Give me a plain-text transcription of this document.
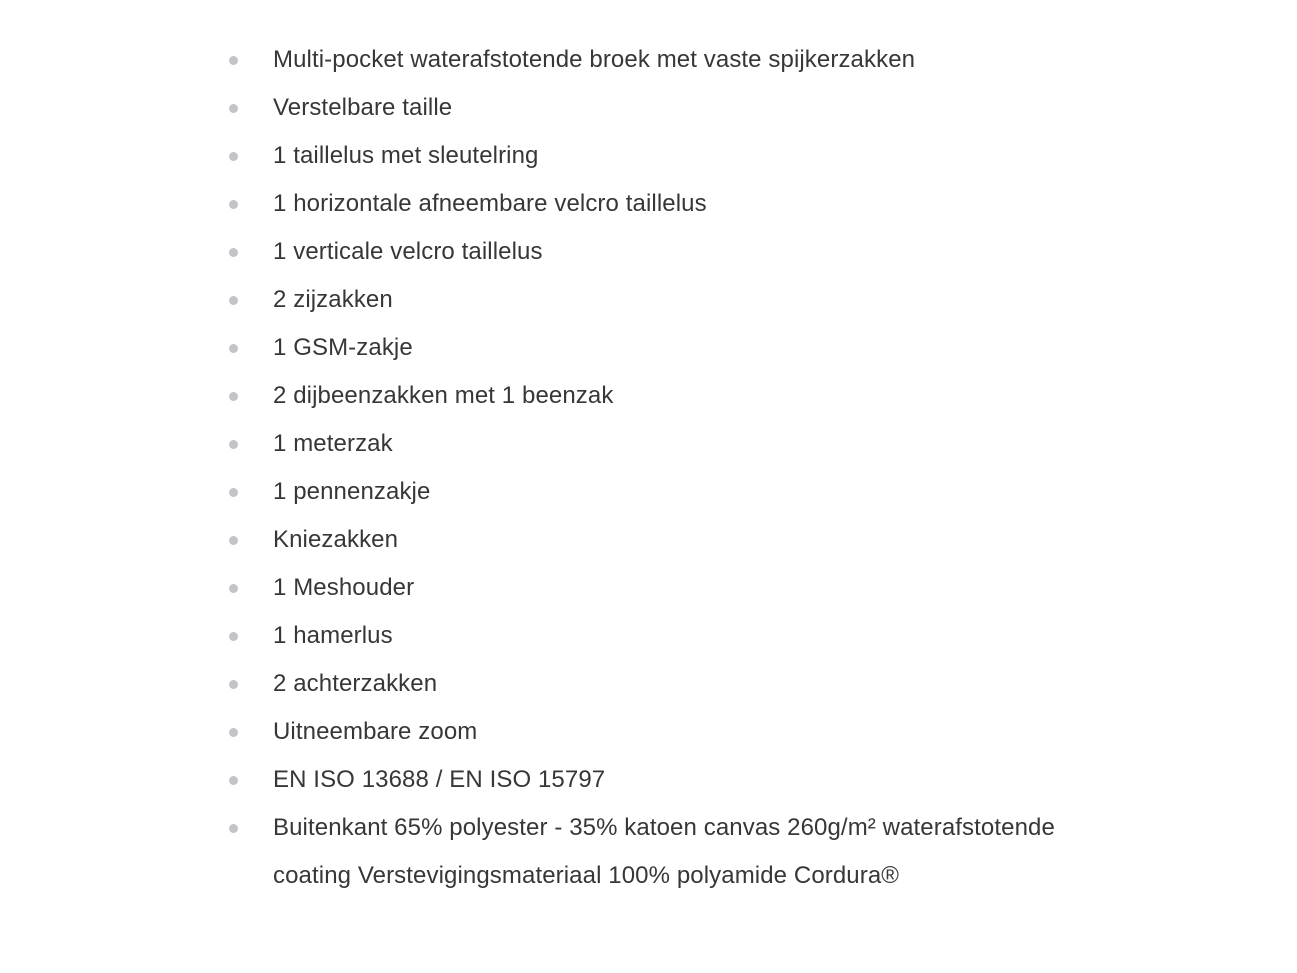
Multi-pocket waterafstotende broek met vaste spijkerzakken
Verstelbare taille
1 taillelus met sleutelring
1 horizontale afneembare velcro taillelus
1 verticale velcro taillelus
2 zijzakken
1 GSM-zakje
2 dijbeenzakken met 1 beenzak
1 meterzak
1 pennenzakje
Kniezakken
1 Meshouder
1 hamerlus
2 achterzakken
Uitneembare zoom
EN ISO 13688 / EN ISO 15797
Buitenkant 65% polyester - 35% katoen canvas 260g/m² waterafstotende coating Verstevigingsmateriaal 100% polyamide Cordura®
